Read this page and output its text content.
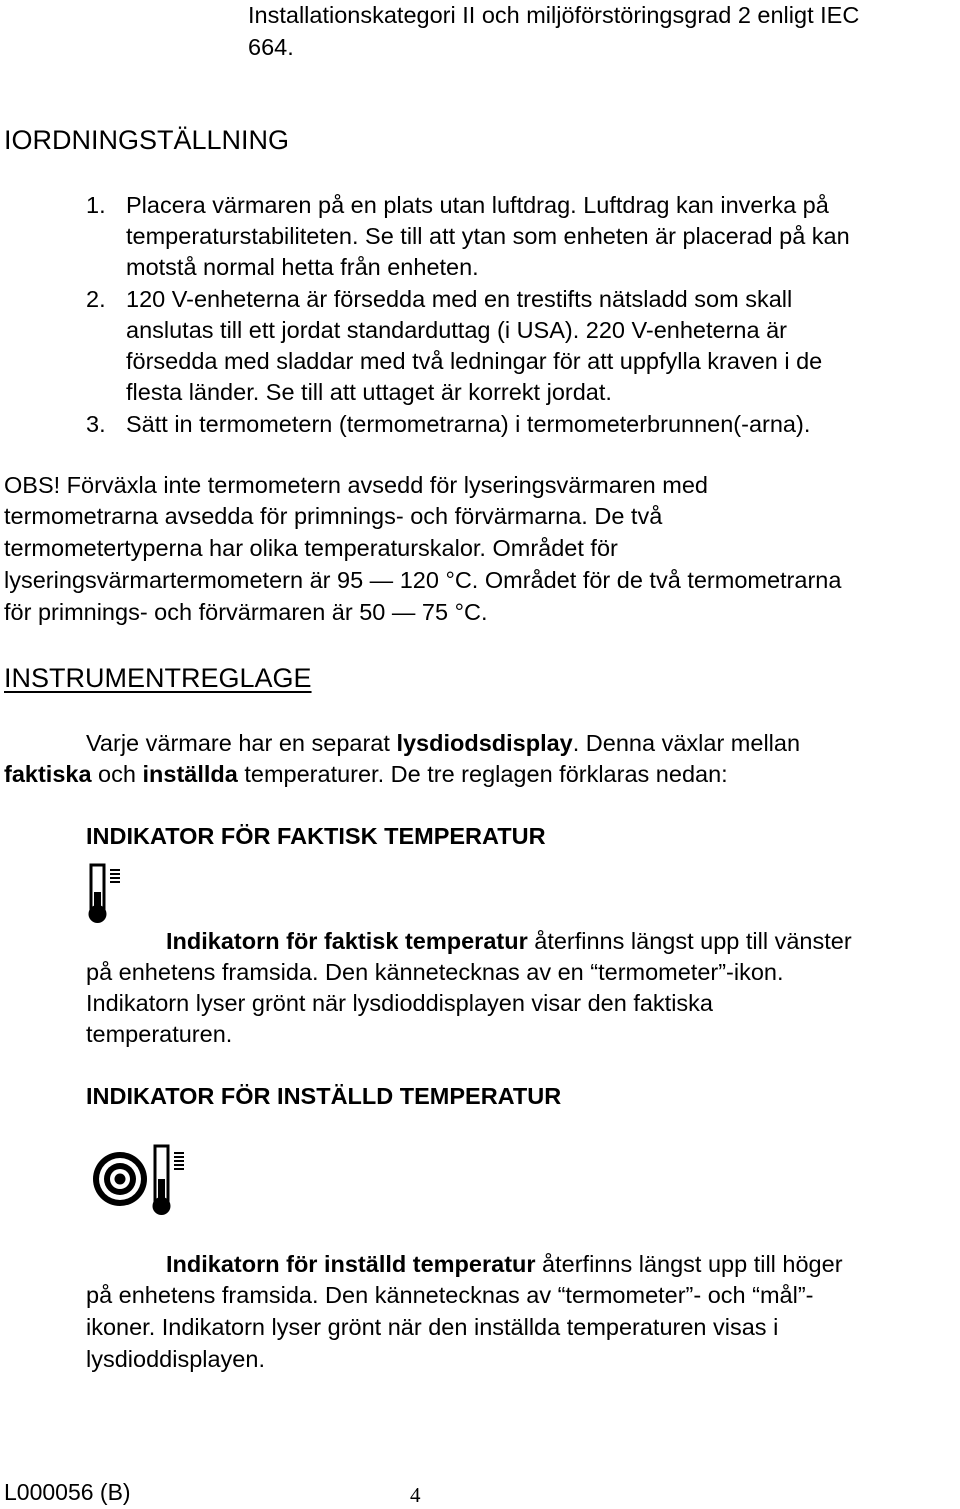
Installationskategori II och miljöförstöringsgrad 2 enligt IEC

664.

IORDNINGSTÄLLNING

1. Placera värmaren på en plats utan luftdrag. Luftdrag kan inverka på

temperaturstabiliteten. Se till att ytan som enheten är placerad på kan

motstå normal hetta från enheten.

2. 120 V-enheterna är försedda med en trestifts nätsladd som skall

anslutas till ett jordat standarduttag (i USA). 220 V-enheterna är

försedda med sladdar med två ledningar för att uppfylla kraven i de

flesta länder. Se till att uttaget är korrekt jordat.

3. Sätt in termometern (termometrarna) i termometerbrunnen(-arna).

OBS! Förväxla inte termometern avsedd för lyseringsvärmaren med

termometrarna avsedda för primnings- och förvärmarna. De två

termometertyperna har olika temperaturskalor. Området för

lyseringsvärmartermometern är 95 — 120 °C. Området för de två termometrarna

för primnings- och förvärmaren är 50 — 75 °C.

INSTRUMENTREGLAGE

Varje värmare har en separat lysdiodsdisplay. Denna växlar mellan

faktiska och inställda temperaturer. De tre reglagen förklaras nedan:

INDIKATOR FÖR FAKTISK TEMPERATUR

Indikatorn för faktisk temperatur återfinns längst upp till vänster

på enhetens framsida. Den kännetecknas av en “termometer”-ikon.

Indikatorn lyser grönt när lysdioddisplayen visar den faktiska

temperaturen.

INDIKATOR FÖR INSTÄLLD TEMPERATUR

Indikatorn för inställd temperatur återfinns längst upp till höger

på enhetens framsida. Den kännetecknas av “termometer”- och “mål”-

ikoner. Indikatorn lyser grönt när den inställda temperaturen visas i

lysdioddisplayen.

L000056 (B)	4
